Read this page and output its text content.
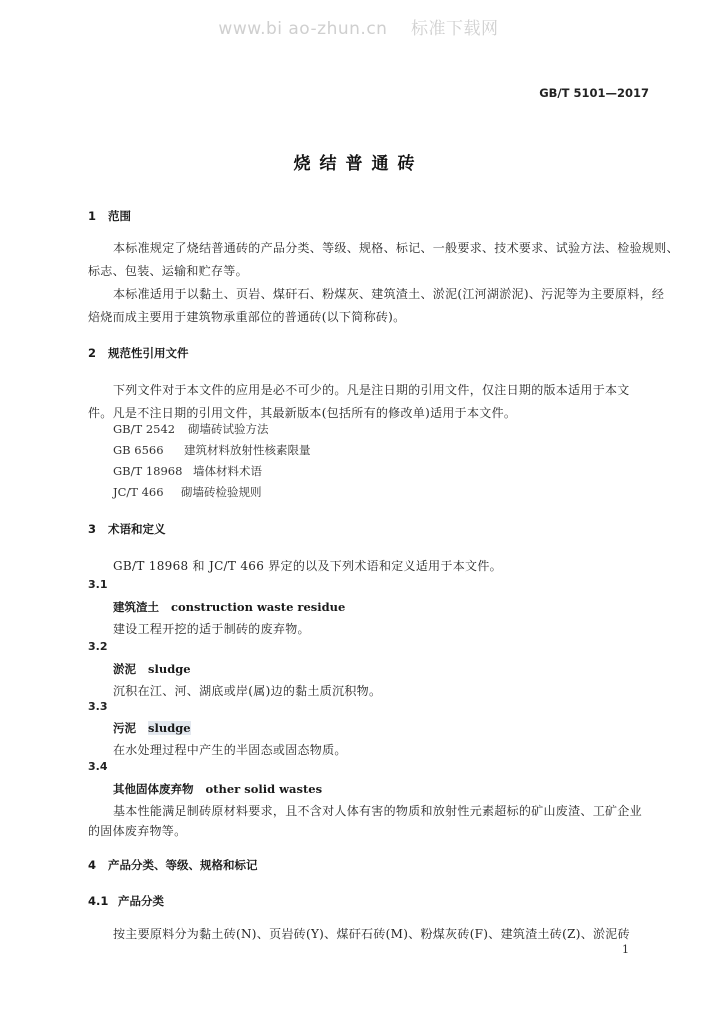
www.bi ao-zhun.cn    标准下载网
GB/T 5101—2017
烧结普通砖
1 范围
本标准规定了烧结普通砖的产品分类、等级、规格、标记、一般要求、技术要求、试验方法、检验规则、
标志、包装、运输和贮存等。
本标准适用于以黏土、页岩、煤矸石、粉煤灰、建筑渣土、淤泥(江河湖淤泥)、污泥等为主要原料，经
焙烧而成主要用于建筑物承重部位的普通砖(以下简称砖)。
2 规范性引用文件
下列文件对于本文件的应用是必不可少的。凡是注日期的引用文件，仅注日期的版本适用于本文
件。凡是不注日期的引用文件，其最新版本(包括所有的修改单)适用于本文件。
GB/T 2542 砌墙砖试验方法
GB 6566 建筑材料放射性核素限量
GB/T 18968 墙体材料术语
JC/T 466 砌墙砖检验规则
3 术语和定义
GB/T 18968 和 JC/T 466 界定的以及下列术语和定义适用于本文件。
3.1
建筑渣土 construction waste residue
建设工程开挖的适于制砖的废弃物。
3.2
淤泥 sludge
沉积在江、河、湖底或岸(属)边的黏土质沉积物。
3.3
污泥 sludge
在水处理过程中产生的半固态或固态物质。
3.4
其他固体废弃物 other solid wastes
基本性能满足制砖原材料要求，且不含对人体有害的物质和放射性元素超标的矿山废渣、工矿企业
的固体废弃物等。
4 产品分类、等级、规格和标记
4.1 产品分类
按主要原料分为黏土砖(N)、页岩砖(Y)、煤矸石砖(M)、粉煤灰砖(F)、建筑渣土砖(Z)、淤泥砖
1
